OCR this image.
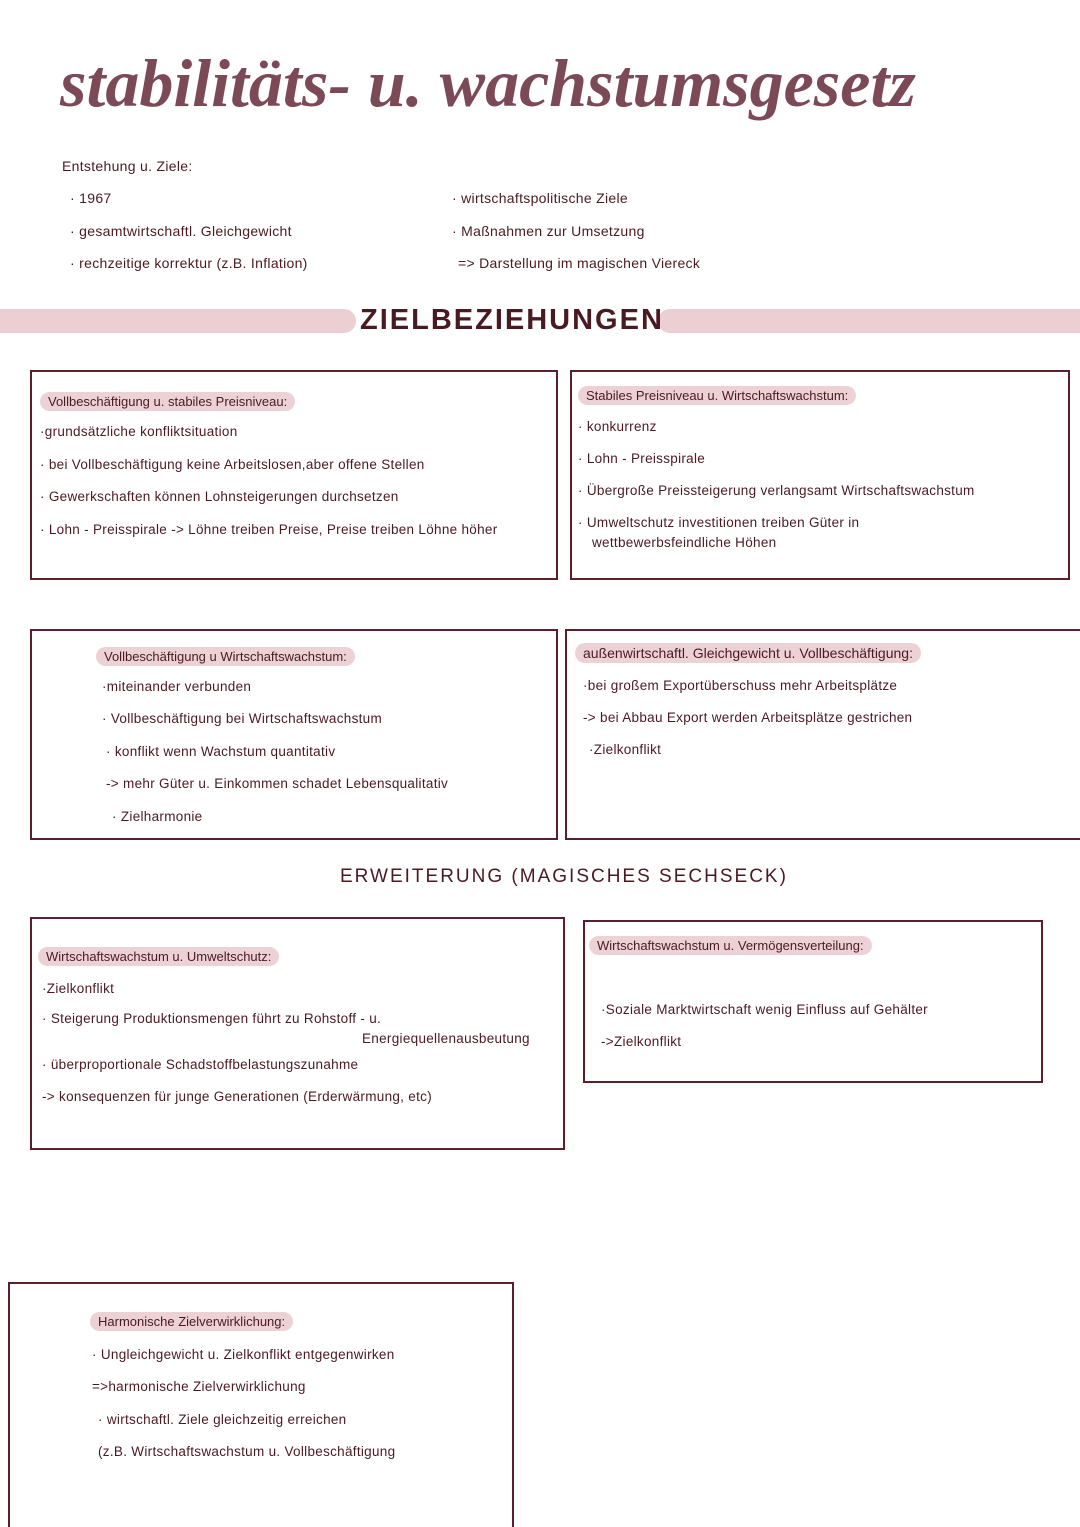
stabilitäts- u. wachstumsgesetz
Entstehung u. Ziele:
· 1967
· gesamtwirtschaftl. Gleichgewicht
· rechzeitige korrektur (z.B. Inflation)
· wirtschaftspolitische Ziele
· Maßnahmen zur Umsetzung
=> Darstellung im magischen Viereck
ZIELBEZIEHUNGEN
Vollbeschäftigung u. stabiles Preisniveau:
·grundsätzliche konfliktsituation
· bei Vollbeschäftigung keine Arbeitslosen,aber offene Stellen
· Gewerkschaften können Lohnsteigerungen durchsetzen
· Lohn - Preisspirale -> Löhne treiben Preise, Preise treiben Löhne höher
Stabiles Preisniveau u. Wirtschaftswachstum:
· konkurrenz
· Lohn - Preisspirale
· Übergroße Preissteigerung verlangsamt Wirtschaftswachstum
· Umweltschutz investitionen treiben Güter in
wettbewerbsfeindliche Höhen
Vollbeschäftigung u Wirtschaftswachstum:
·miteinander verbunden
· Vollbeschäftigung bei Wirtschaftswachstum
· konflikt wenn Wachstum quantitativ
-> mehr Güter u. Einkommen schadet Lebensqualitativ
· Zielharmonie
außenwirtschaftl. Gleichgewicht u. Vollbeschäftigung:
·bei großem Exportüberschuss mehr Arbeitsplätze
-> bei Abbau Export werden Arbeitsplätze gestrichen
·Zielkonflikt
ERWEITERUNG (MAGISCHES SECHSECK)
Wirtschaftswachstum u. Umweltschutz:
·Zielkonflikt
· Steigerung Produktionsmengen führt zu Rohstoff - u.
Energiequellenausbeutung
· überproportionale Schadstoffbelastungszunahme
-> konsequenzen für junge Generationen (Erderwärmung, etc)
Wirtschaftswachstum u. Vermögensverteilung:
·Soziale Marktwirtschaft wenig Einfluss auf Gehälter
->Zielkonflikt
Harmonische Zielverwirklichung:
· Ungleichgewicht u. Zielkonflikt entgegenwirken
=>harmonische Zielverwirklichung
· wirtschaftl. Ziele gleichzeitig erreichen
(z.B. Wirtschaftswachstum u. Vollbeschäftigung
